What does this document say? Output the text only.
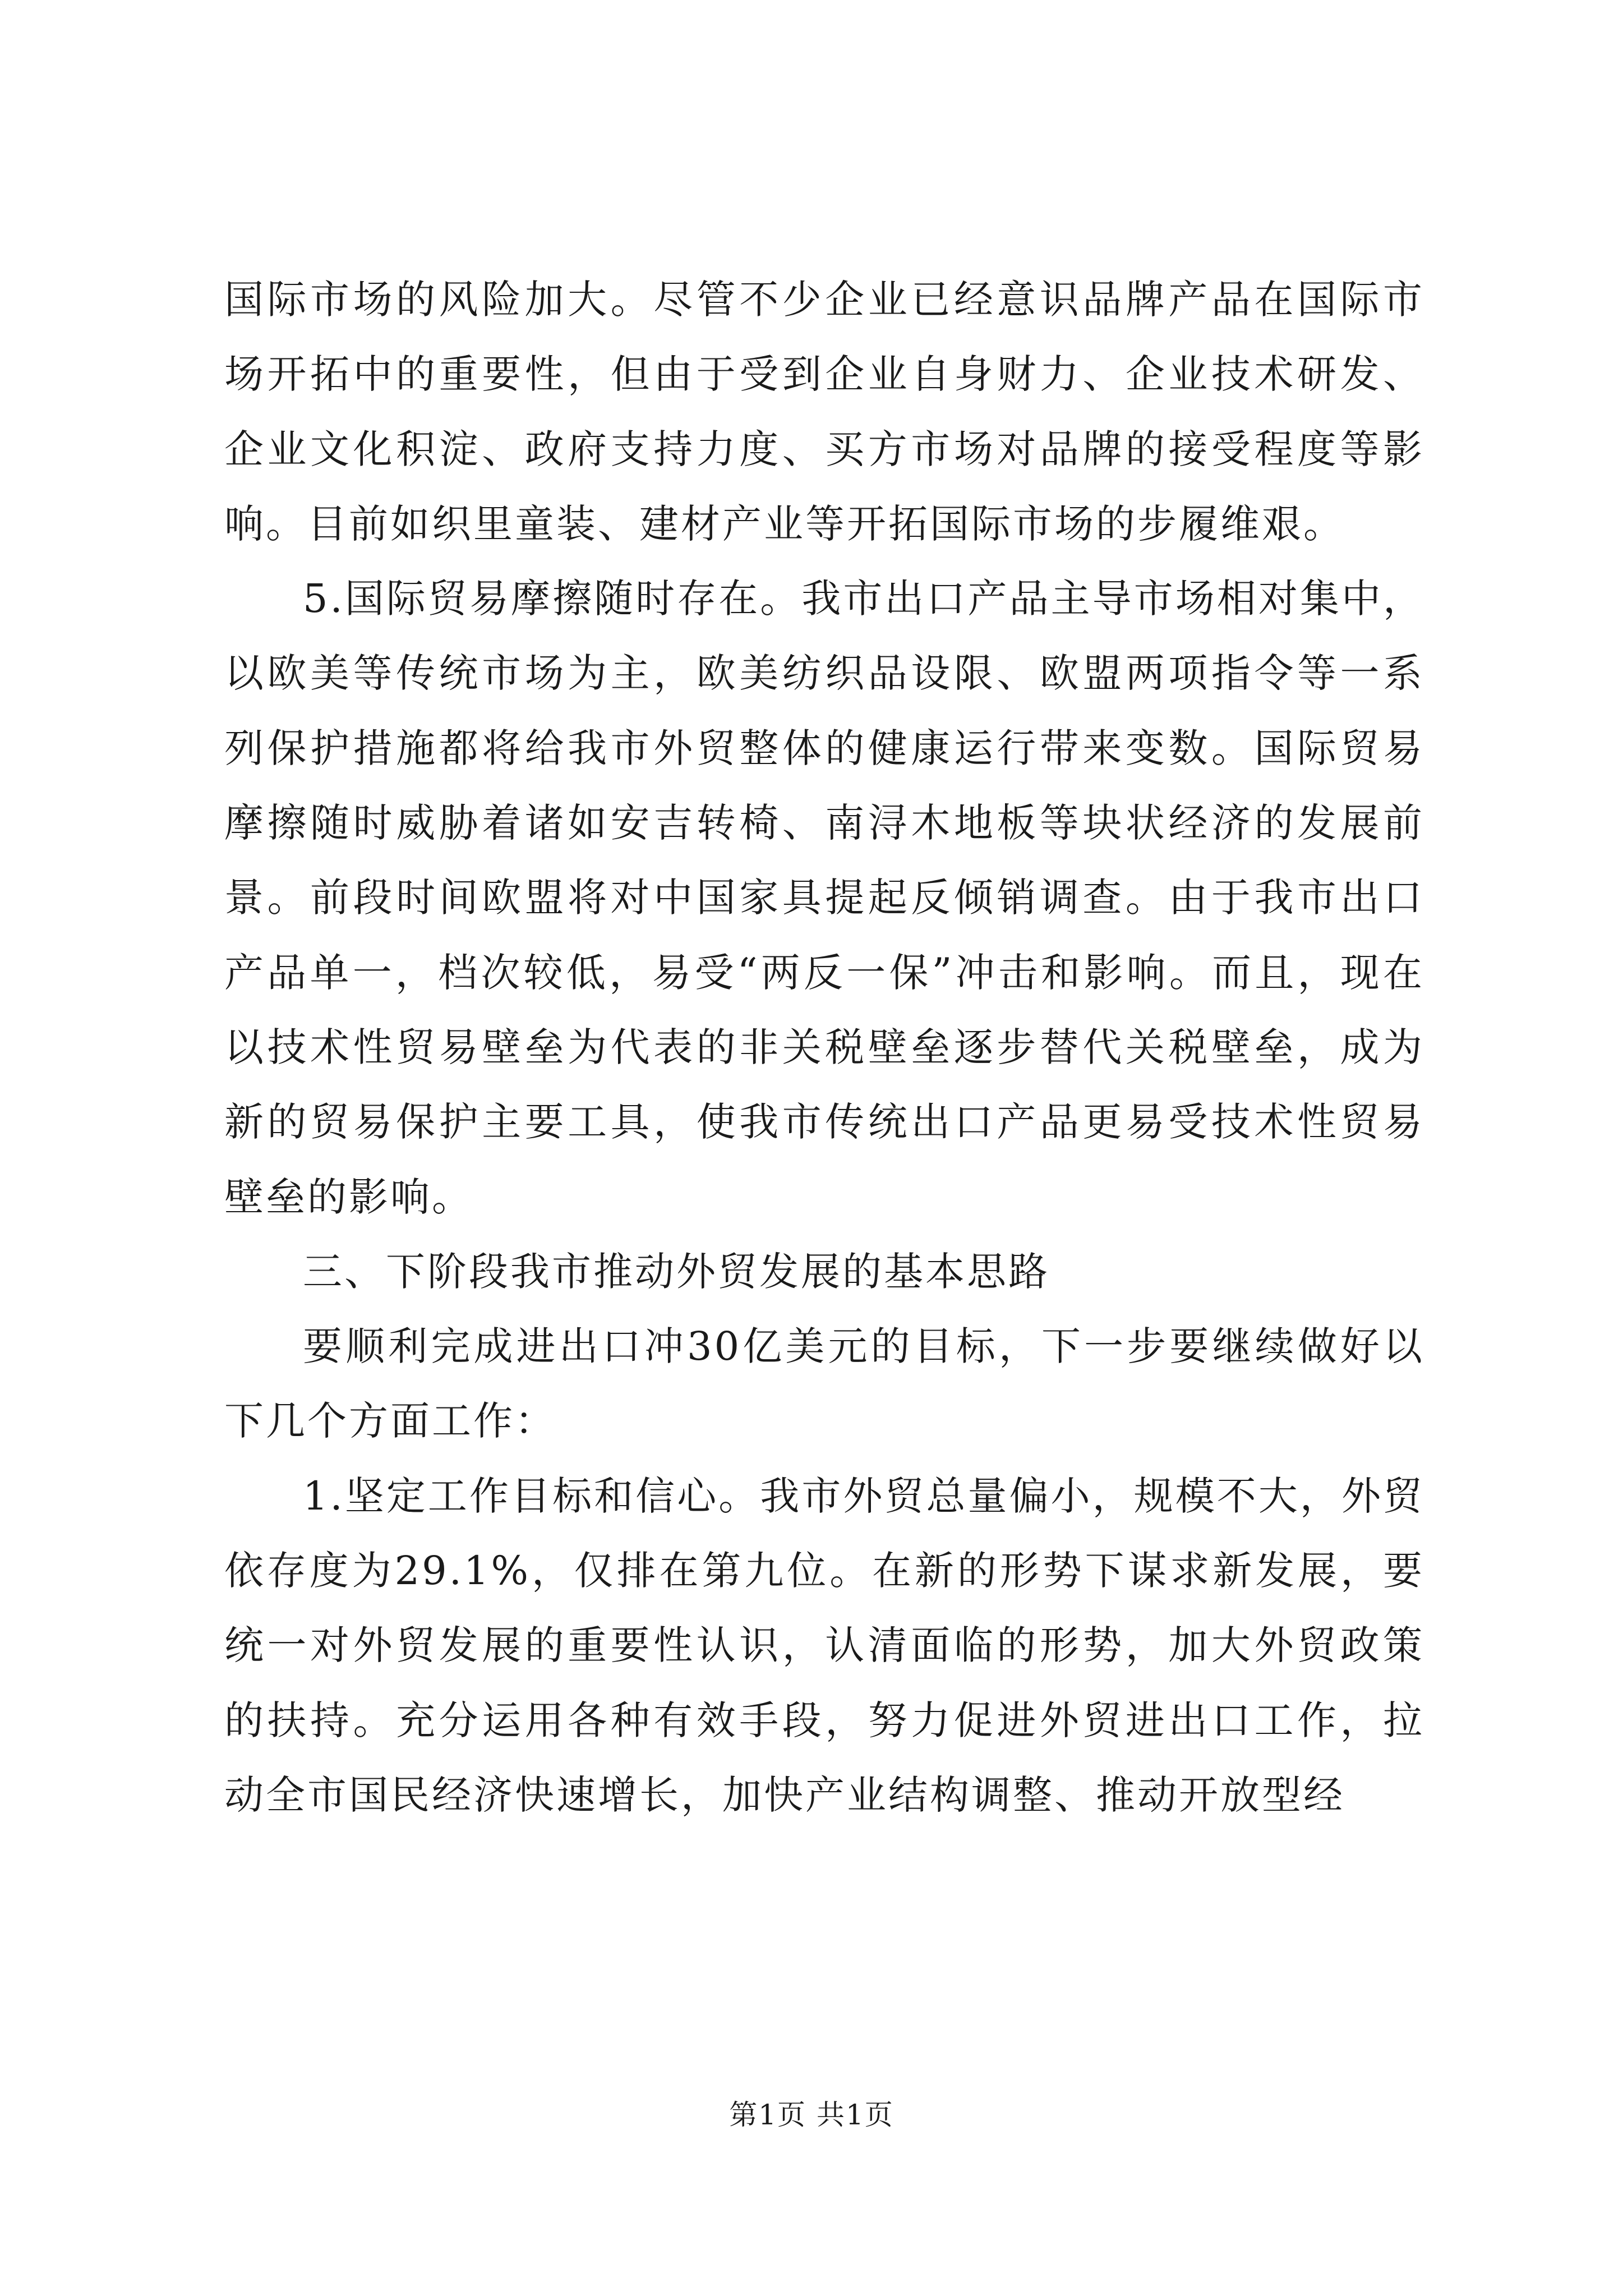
国际市场的风险加大。尽管不少企业已经意识品牌产品在国际市场开拓中的重要性，但由于受到企业自身财力、企业技术研发、企业文化积淀、政府支持力度、买方市场对品牌的接受程度等影响。目前如织里童装、建材产业等开拓国际市场的步履维艰。

5.国际贸易摩擦随时存在。我市出口产品主导市场相对集中，以欧美等传统市场为主，欧美纺织品设限、欧盟两项指令等一系列保护措施都将给我市外贸整体的健康运行带来变数。国际贸易摩擦随时威胁着诸如安吉转椅、南浔木地板等块状经济的发展前景。前段时间欧盟将对中国家具提起反倾销调查。由于我市出口产品单一，档次较低，易受“两反一保”冲击和影响。而且，现在以技术性贸易壁垒为代表的非关税壁垒逐步替代关税壁垒，成为新的贸易保护主要工具，使我市传统出口产品更易受技术性贸易壁垒的影响。

三、下阶段我市推动外贸发展的基本思路

要顺利完成进出口冲30亿美元的目标，下一步要继续做好以下几个方面工作：

1.坚定工作目标和信心。我市外贸总量偏小，规模不大，外贸依存度为29.1%，仅排在第九位。在新的形势下谋求新发展，要统一对外贸发展的重要性认识，认清面临的形势，加大外贸政策的扶持。充分运用各种有效手段，努力促进外贸进出口工作，拉动全市国民经济快速增长，加快产业结构调整、推动开放型经

第1页 共1页
